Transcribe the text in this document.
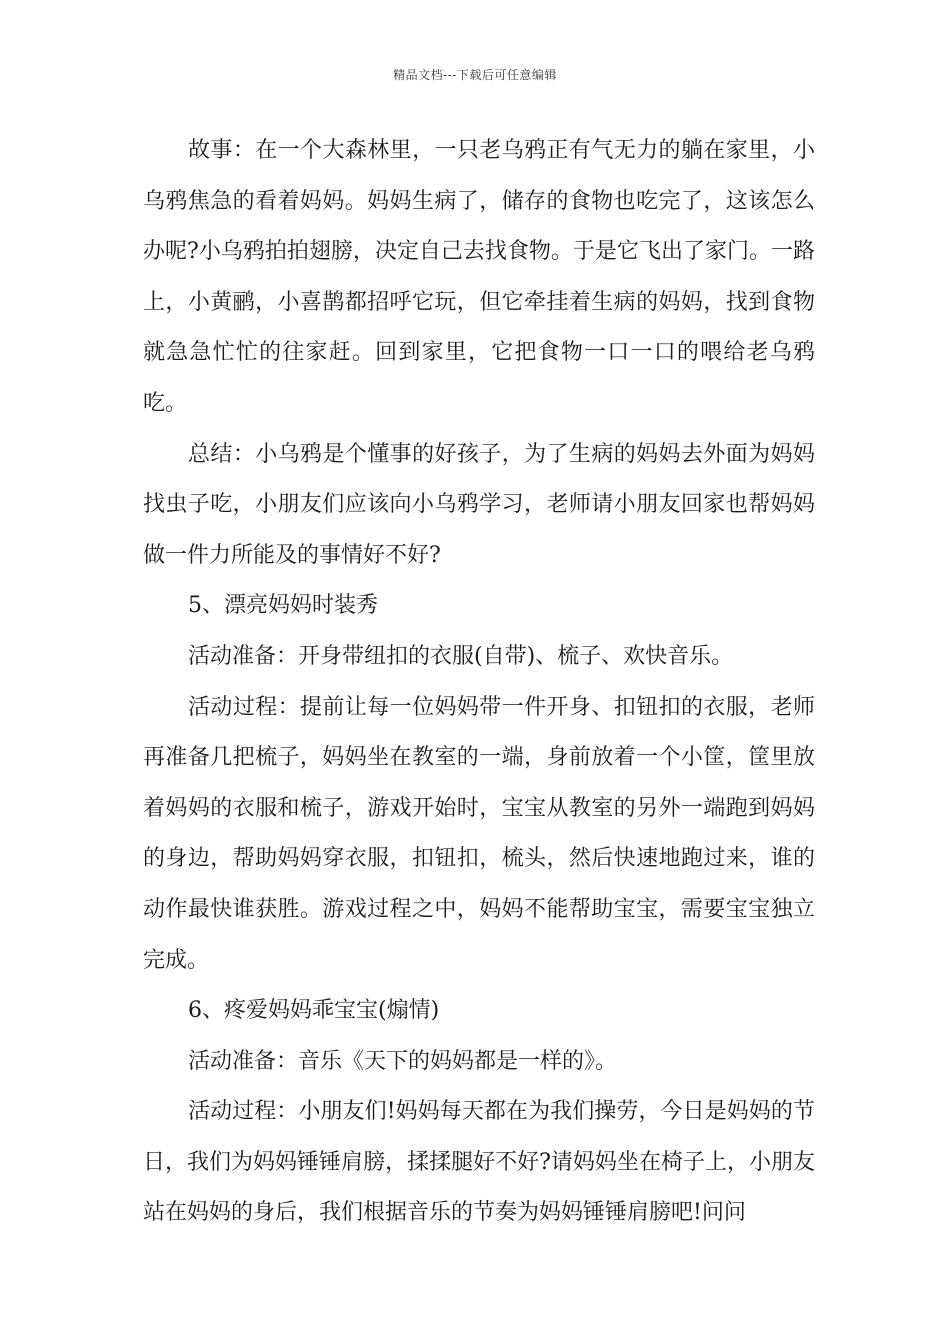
精品文档---下载后可任意编辑

故事：在一个大森林里，一只老乌鸦正有气无力的躺在家里，小乌鸦焦急的看着妈妈。妈妈生病了，储存的食物也吃完了，这该怎么办呢?小乌鸦拍拍翅膀，决定自己去找食物。于是它飞出了家门。一路上，小黄鹂，小喜鹊都招呼它玩，但它牵挂着生病的妈妈，找到食物就急急忙忙的往家赶。回到家里，它把食物一口一口的喂给老乌鸦吃。

总结：小乌鸦是个懂事的好孩子，为了生病的妈妈去外面为妈妈找虫子吃，小朋友们应该向小乌鸦学习，老师请小朋友回家也帮妈妈做一件力所能及的事情好不好?

5、漂亮妈妈时装秀

活动准备：开身带纽扣的衣服(自带)、梳子、欢快音乐。

活动过程：提前让每一位妈妈带一件开身、扣钮扣的衣服，老师再准备几把梳子，妈妈坐在教室的一端，身前放着一个小筐，筐里放着妈妈的衣服和梳子，游戏开始时，宝宝从教室的另外一端跑到妈妈的身边，帮助妈妈穿衣服，扣钮扣，梳头，然后快速地跑过来，谁的动作最快谁获胜。游戏过程之中，妈妈不能帮助宝宝，需要宝宝独立完成。

6、疼爱妈妈乖宝宝(煽情)

活动准备：音乐《天下的妈妈都是一样的》。

活动过程：小朋友们!妈妈每天都在为我们操劳，今日是妈妈的节日，我们为妈妈锤锤肩膀，揉揉腿好不好?请妈妈坐在椅子上，小朋友站在妈妈的身后，我们根据音乐的节奏为妈妈锤锤肩膀吧!问问
